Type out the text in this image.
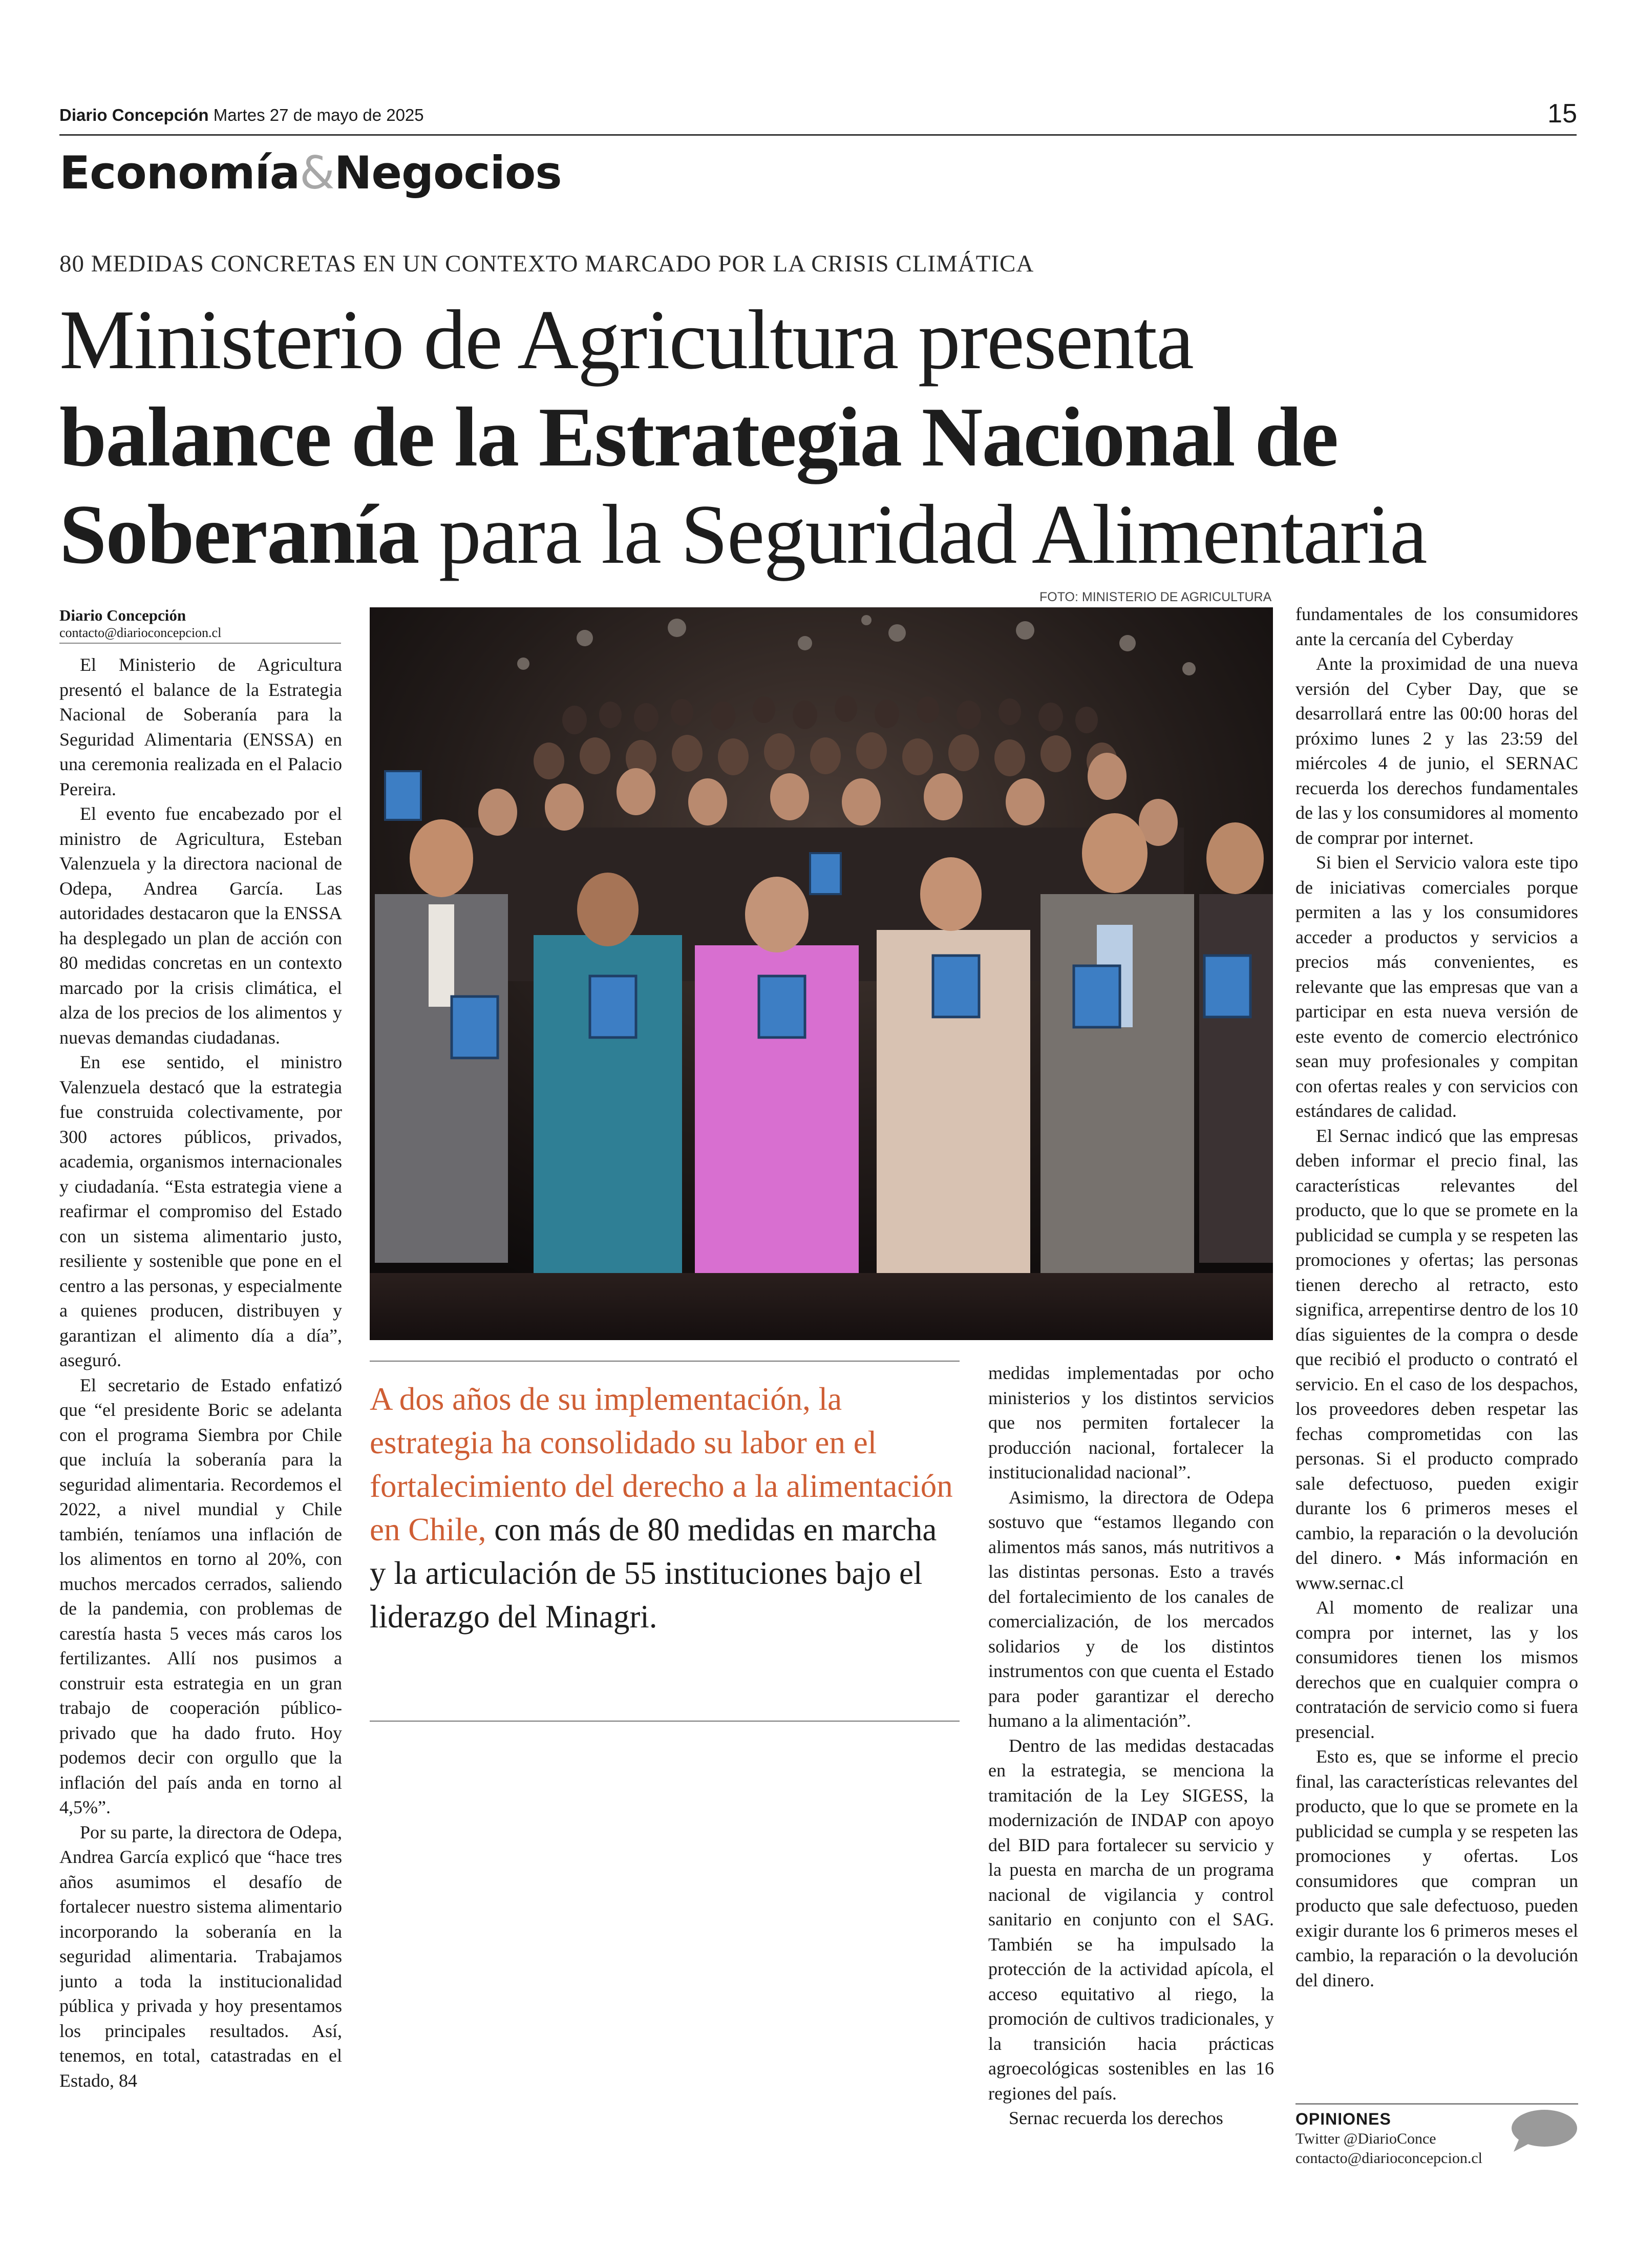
Diario Concepción Martes 27 de mayo de 2025	15
Economía&Negocios
80 MEDIDAS CONCRETAS EN UN CONTEXTO MARCADO POR LA CRISIS CLIMÁTICA
Ministerio de Agricultura presenta
balance de la Estrategia Nacional de
Soberanía para la Seguridad Alimentaria
FOTO: MINISTERIO DE AGRICULTURA
Diario Concepción
contacto@diarioconcepcion.cl

El Ministerio de Agricultura presentó el balance de la Estrategia Nacional de Soberanía para la Seguridad Alimentaria (ENSSA) en una ceremonia realizada en el Palacio Pereira.

El evento fue encabezado por el ministro de Agricultura, Esteban Valenzuela y la directora nacional de Odepa, Andrea García. Las autoridades destacaron que la ENSSA ha desplegado un plan de acción con 80 medidas concretas en un contexto marcado por la crisis climática, el alza de los precios de los alimentos y nuevas demandas ciudadanas.

En ese sentido, el ministro Valenzuela destacó que la estrategia fue construida colectivamente, por 300 actores públicos, privados, academia, organismos internacionales y ciudadanía. “Esta estrategia viene a reafirmar el compromiso del Estado con un sistema alimentario justo, resiliente y sostenible que pone en el centro a las personas, y especialmente a quienes producen, distribuyen y garantizan el alimento día a día”, aseguró.

El secretario de Estado enfatizó que “el presidente Boric se adelanta con el programa Siembra por Chile que incluía la soberanía para la seguridad alimentaria. Recordemos el 2022, a nivel mundial y Chile también, teníamos una inflación de los alimentos en torno al 20%, con muchos mercados cerrados, saliendo de la pandemia, con problemas de carestía hasta 5 veces más caros los fertilizantes. Allí nos pusimos a construir esta estrategia en un gran trabajo de cooperación público-privado que ha dado fruto. Hoy podemos decir con orgullo que la inflación del país anda en torno al 4,5%”.

Por su parte, la directora de Odepa, Andrea García explicó que “hace tres años asumimos el desafío de fortalecer nuestro sistema alimentario incorporando la soberanía en la seguridad alimentaria. Trabajamos junto a toda la institucionalidad pública y privada y hoy presentamos los principales resultados. Así, tenemos, en total, catastradas en el Estado, 84

A dos años de su implementación, la estrategia ha consolidado su labor en el fortalecimiento del derecho a la alimentación en Chile, con más de 80 medidas en marcha y la articulación de 55 instituciones bajo el liderazgo del Minagri.

medidas implementadas por ocho ministerios y los distintos servicios que nos permiten fortalecer la producción nacional, fortalecer la institucionalidad nacional”.

Asimismo, la directora de Odepa sostuvo que “estamos llegando con alimentos más sanos, más nutritivos a las distintas personas. Esto a través del fortalecimiento de los canales de comercialización, de los mercados solidarios y de los distintos instrumentos con que cuenta el Estado para poder garantizar el derecho humano a la alimentación”.

Dentro de las medidas destacadas en la estrategia, se menciona la tramitación de la Ley SIGESS, la modernización de INDAP con apoyo del BID para fortalecer su servicio y la puesta en marcha de un programa nacional de vigilancia y control sanitario en conjunto con el SAG. También se ha impulsado la protección de la actividad apícola, el acceso equitativo al riego, la promoción de cultivos tradicionales, y la transición hacia prácticas agroecológicas sostenibles en las 16 regiones del país.

Sernac recuerda los derechos

fundamentales de los consumidores ante la cercanía del Cyberday

Ante la proximidad de una nueva versión del Cyber Day, que se desarrollará entre las 00:00 horas del próximo lunes 2 y las 23:59 del miércoles 4 de junio, el SERNAC recuerda los derechos fundamentales de las y los consumidores al momento de comprar por internet.

Si bien el Servicio valora este tipo de iniciativas comerciales porque permiten a las y los consumidores acceder a productos y servicios a precios más convenientes, es relevante que las empresas que van a participar en esta nueva versión de este evento de comercio electrónico sean muy profesionales y compitan con ofertas reales y con servicios con estándares de calidad.

El Sernac indicó que las empresas deben informar el precio final, las características relevantes del producto, que lo que se promete en la publicidad se cumpla y se respeten las promociones y ofertas; las personas tienen derecho al retracto, esto significa, arrepentirse dentro de los 10 días siguientes de la compra o desde que recibió el producto o contrató el servicio. En el caso de los despachos, los proveedores deben respetar las fechas comprometidas con las personas. Si el producto comprado sale defectuoso, pueden exigir durante los 6 primeros meses el cambio, la reparación o la devolución del dinero. • Más información en www.sernac.cl

Al momento de realizar una compra por internet, las y los consumidores tienen los mismos derechos que en cualquier compra o contratación de servicio como si fuera presencial.

Esto es, que se informe el precio final, las características relevantes del producto, que lo que se promete en la publicidad se cumpla y se respeten las promociones y ofertas. Los consumidores que compran un producto que sale defectuoso, pueden exigir durante los 6 primeros meses el cambio, la reparación o la devolución del dinero.

OPINIONES
Twitter @DiarioConce
contacto@diarioconcepcion.cl
